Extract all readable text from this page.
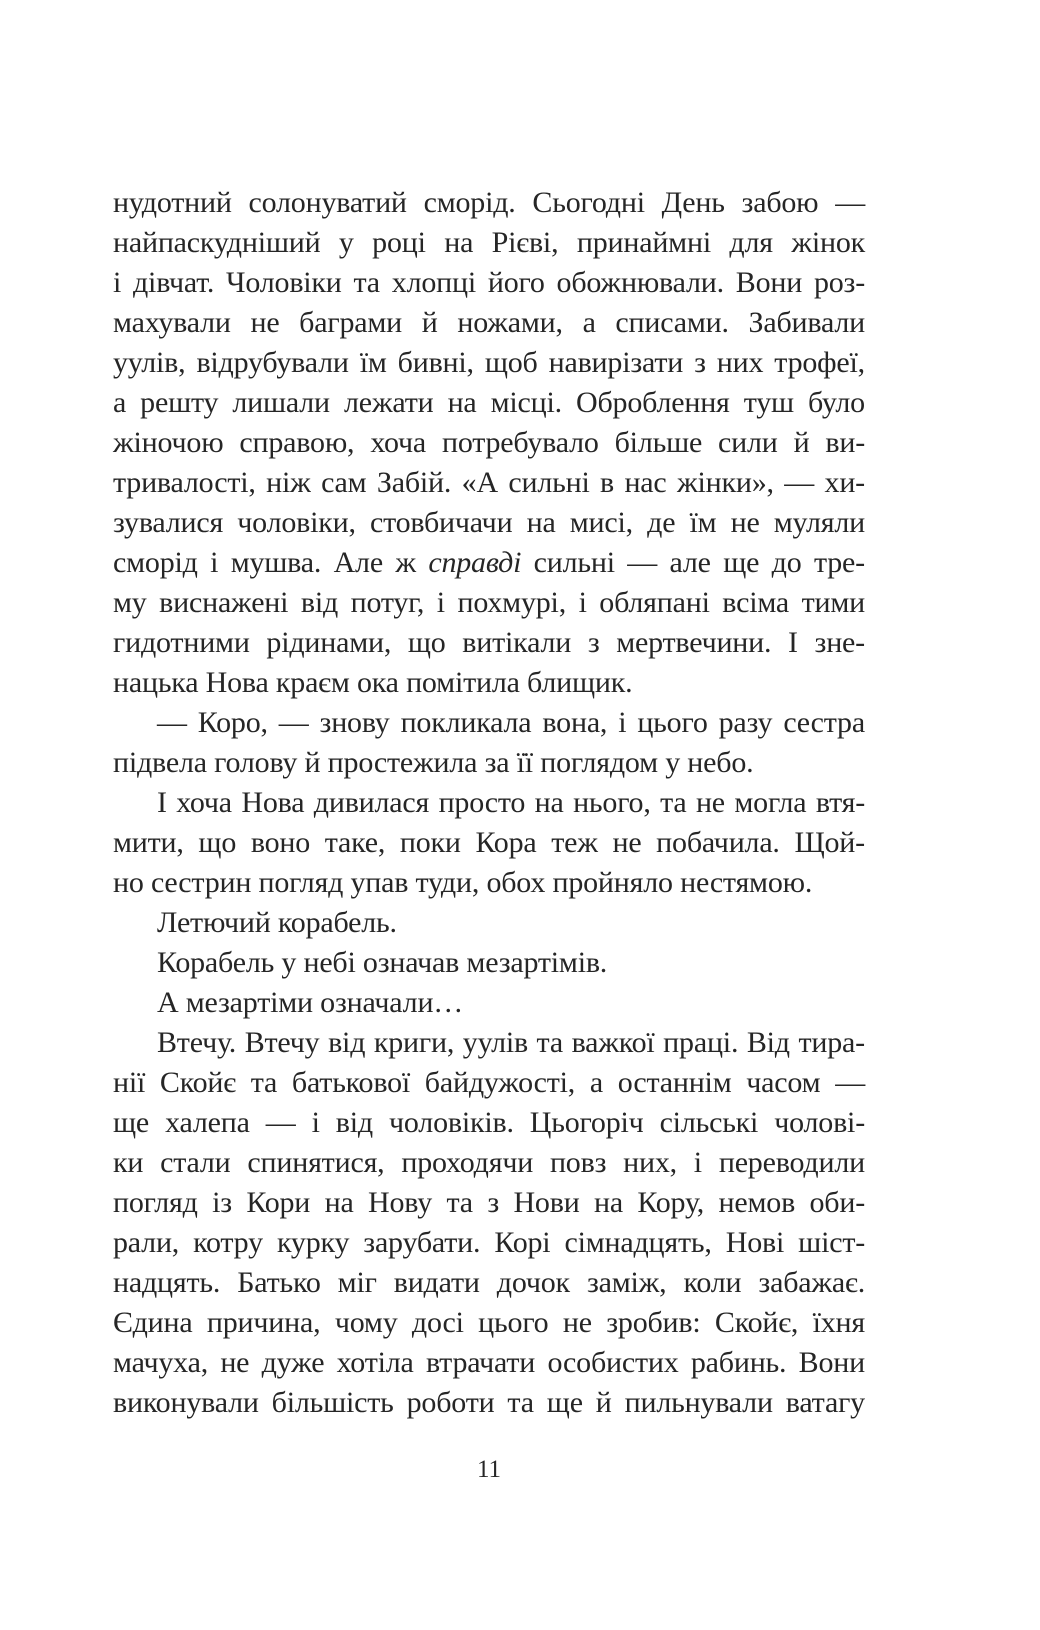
нудотний солонуватий сморід. Сьогодні День забою —
найпаскудніший у році на Рієві, принаймні для жінок
і дівчат. Чоловіки та хлопці його обожнювали. Вони роз-
махували не баграми й ножами, а списами. Забивали
уулів, відрубували їм бивні, щоб навирізати з них трофеї,
а решту лишали лежати на місці. Оброблення туш було
жіночою справою, хоча потребувало більше сили й ви-
тривалості, ніж сам Забій. «А сильні в нас жінки», — хи-
зувалися чоловіки, стовбичачи на мисі, де їм не муляли
сморід і мушва. Але ж справді сильні — але ще до тре-
му виснажені від потуг, і похмурі, і обляпані всіма тими
гидотними рідинами, що витікали з мертвечини. І зне-
нацька Нова краєм ока помітила блищик.
— Коро, — знову покликала вона, і цього разу сестра
підвела голову й простежила за її поглядом у небо.
І хоча Нова дивилася просто на нього, та не могла втя-
мити, що воно таке, поки Кора теж не побачила. Щой-
но сестрин погляд упав туди, обох пройняло нестямою.
Летючий корабель.
Корабель у небі означав мезартімів.
А мезартіми означали…
Втечу. Втечу від криги, уулів та важкої праці. Від тира-
нії Скойє та батькової байдужості, а останнім часом —
ще халепа — і від чоловіків. Цьогоріч сільські чолові-
ки стали спинятися, проходячи повз них, і переводили
погляд із Кори на Нову та з Нови на Кору, немов оби-
рали, котру курку зарубати. Корі сімнадцять, Нові шіст-
надцять. Батько міг видати дочок заміж, коли забажає.
Єдина причина, чому досі цього не зробив: Скойє, їхня
мачуха, не дуже хотіла втрачати особистих рабинь. Вони
виконували більшість роботи та ще й пильнували ватагу
11
